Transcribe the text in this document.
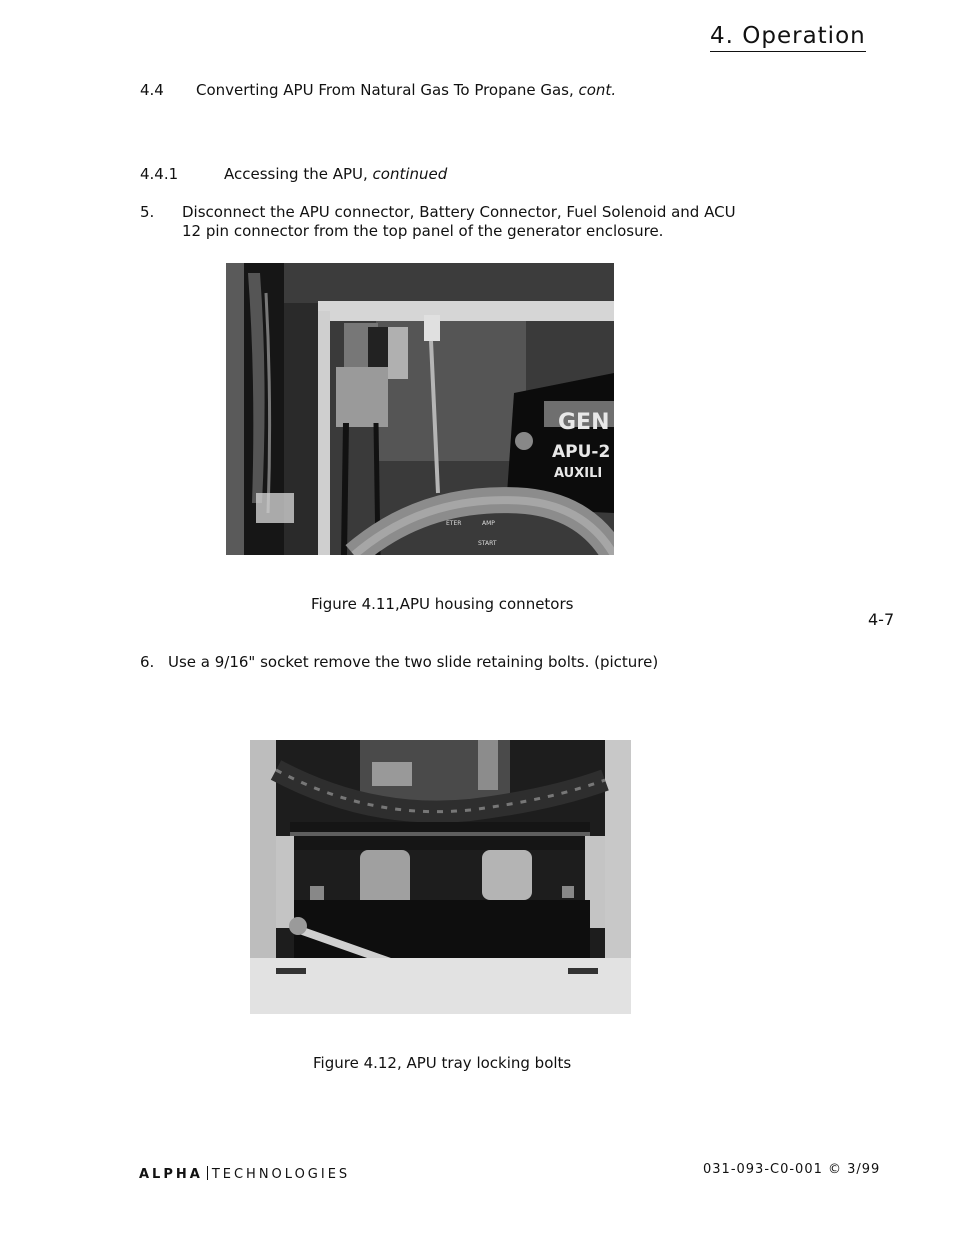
4. Operation
4.4 Converting APU From Natural Gas To Propane Gas, cont.
4.4.1	Accessing the APU, continued
5. Disconnect the APU connector, Battery Connector, Fuel Solenoid and ACU
12 pin connector from the top panel of the generator enclosure.
GEN
APU-2
AUXILI
ETER	AMP
START
Figure 4.11,APU housing connetors
4-7
6. Use a 9/16" socket remove the two slide retaining bolts. (picture)
Figure 4.12, APU tray locking bolts
ALPHA TECHNOLOGIES	031-093-C0-001 © 3/99
